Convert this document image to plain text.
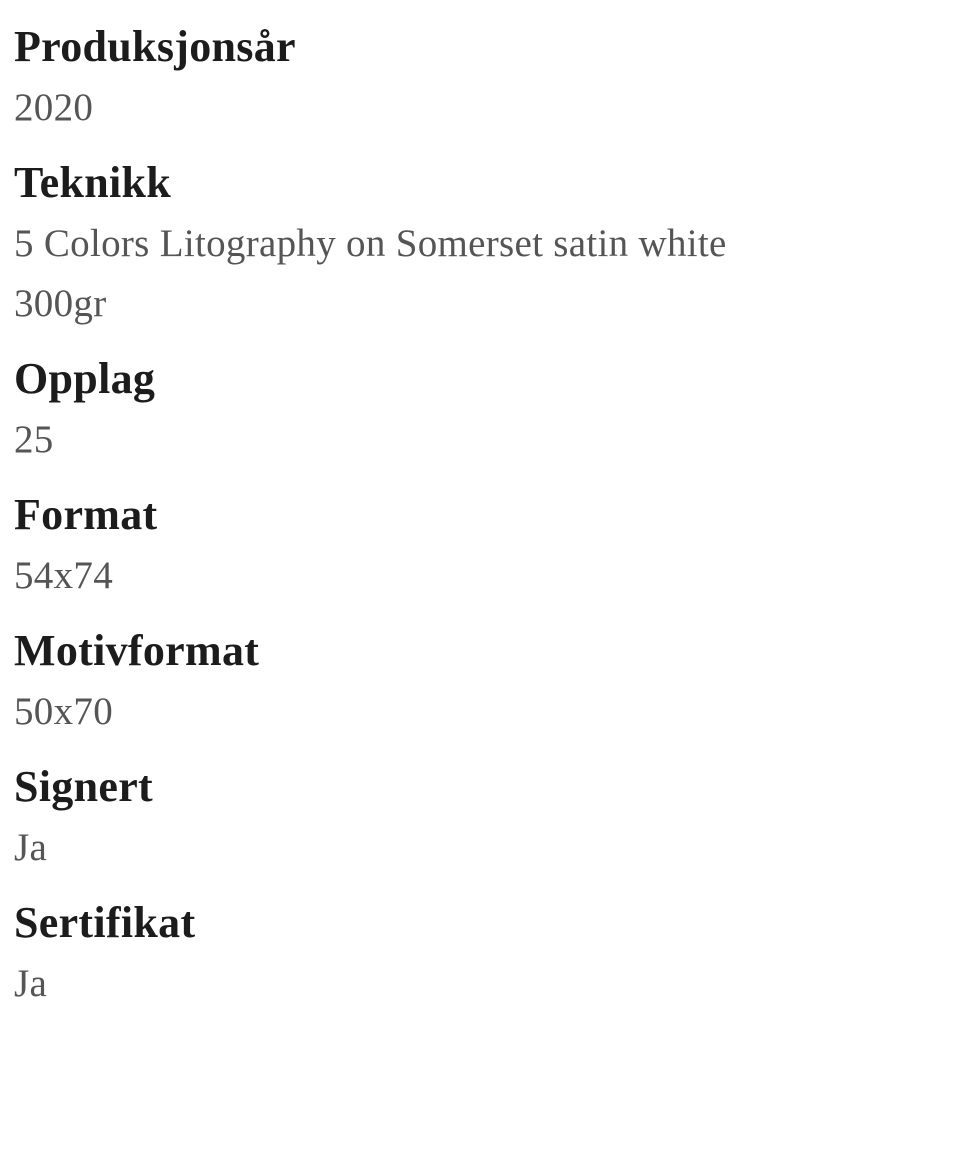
Produksjonsår
2020
Teknikk
5 Colors Litography on Somerset satin white
300gr
Opplag
25
Format
54x74
Motivformat
50x70
Signert
Ja
Sertifikat
Ja
